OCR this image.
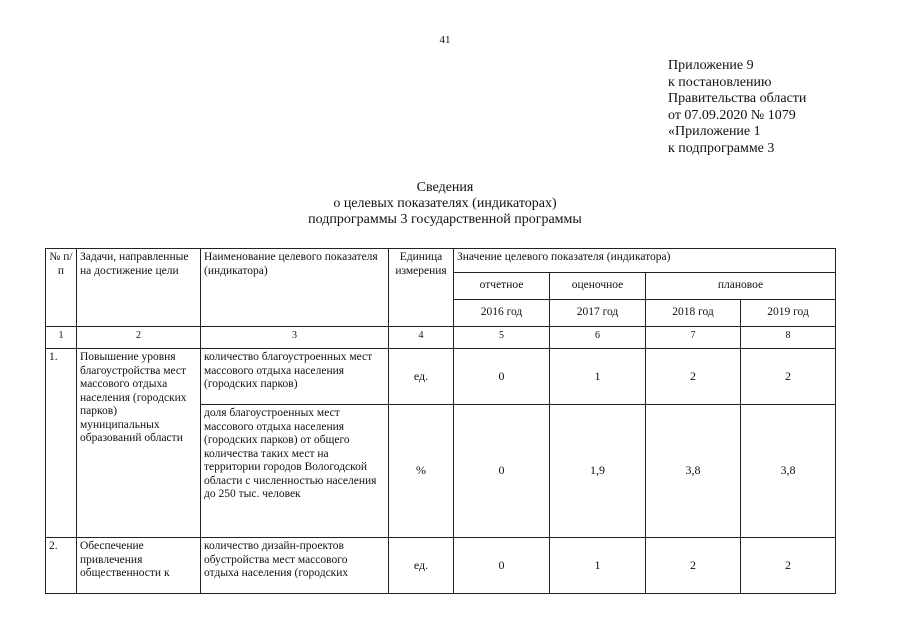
41
Приложение 9
к постановлению
Правительства области
от 07.09.2020 № 1079
«Приложение 1
к подпрограмме 3
Сведения
о целевых показателях (индикаторах)
подпрограммы 3 государственной программы
№ п/п	Задачи, направленные на достижение цели	Наименование целевого показателя (индикатора)	Единица измерения	Значение целевого показателя (индикатора)			
				отчетное	оценочное	плановое	
				2016 год	2017 год	2018 год	2019 год
1	2	3	4	5	6	7	8
1.	Повышение уровня благоустройства мест массового отдыха населения (городских парков) муниципальных образований области	количество благоустроенных мест массового отдыха населения (городских парков)	ед.	0	1	2	2
		доля благоустроенных мест массового отдыха населения (городских парков) от общего количества таких мест на территории городов Вологодской области с численностью населения до 250 тыс. человек	%	0	1,9	3,8	3,8
2.	Обеспечение привлечения общественности к	количество дизайн-проектов обустройства мест массового отдыха населения (городских	ед.	0	1	2	2
